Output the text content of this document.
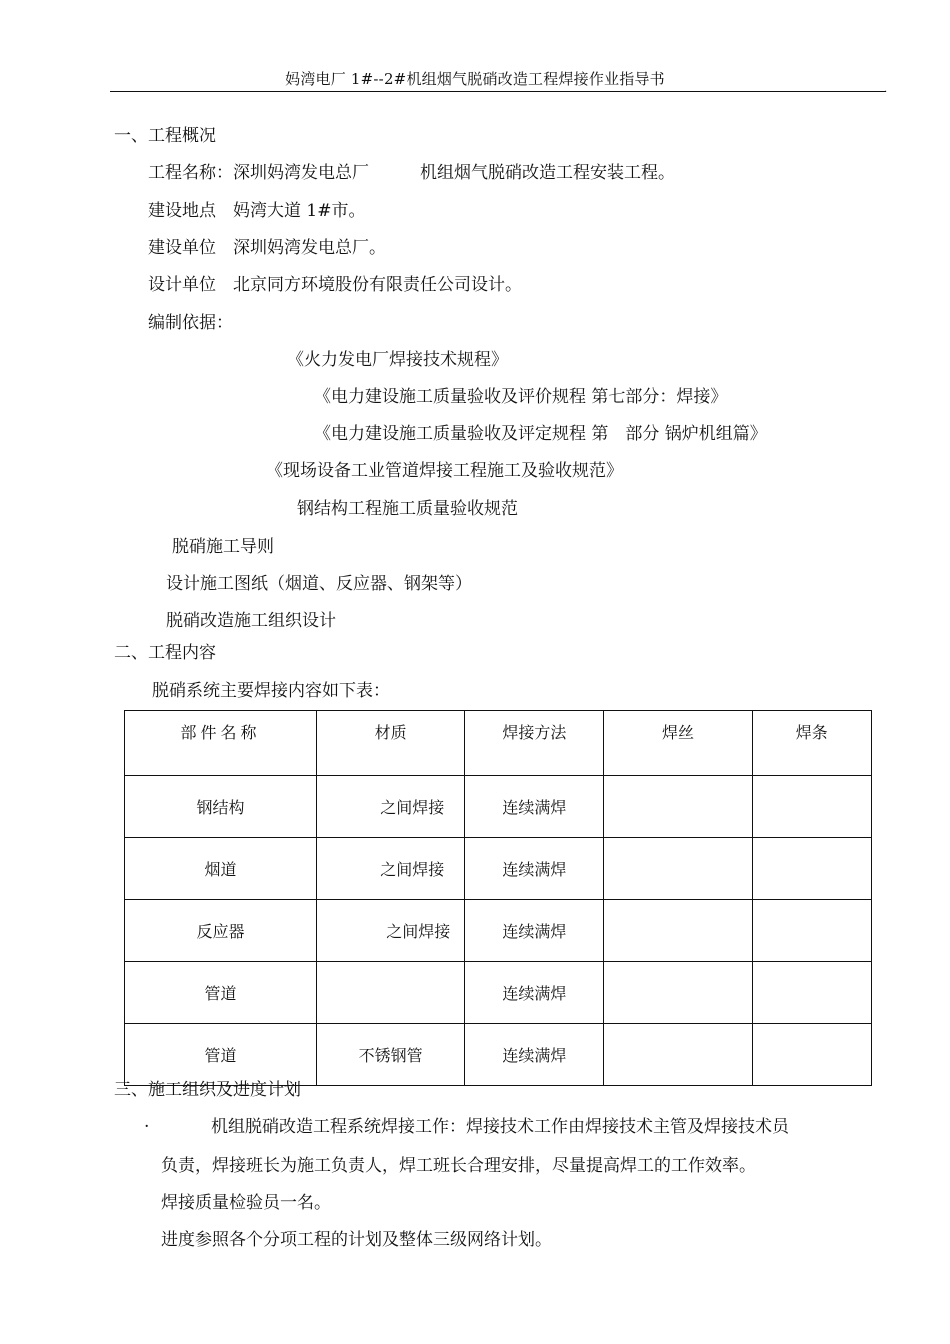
妈湾电厂 1#--2#机组烟气脱硝改造工程焊接作业指导书
.
一、工程概况
工程名称：深圳妈湾发电总厂　　　机组烟气脱硝改造工程安装工程。
建设地点　妈湾大道 1#市。
建设单位　深圳妈湾发电总厂。
设计单位　北京同方环境股份有限责任公司设计。
编制依据：
《火力发电厂焊接技术规程》
《电力建设施工质量验收及评价规程 第七部分：焊接》
《电力建设施工质量验收及评定规程 第　部分 锅炉机组篇》
《现场设备工业管道焊接工程施工及验收规范》
钢结构工程施工质量验收规范
脱硝施工导则
设计施工图纸（烟道、反应器、钢架等）
脱硝改造施工组织设计
二、工程内容
脱硝系统主要焊接内容如下表：
部件名称	材质	焊接方法	焊丝	焊条
钢结构	之间焊接	连续满焊		
烟道	之间焊接	连续满焊		
反应器	之间焊接	连续满焊		
管道		连续满焊		
管道	不锈钢管	连续满焊		
三、施工组织及进度计划
.	机组脱硝改造工程系统焊接工作：焊接技术工作由焊接技术主管及焊接技术员
负责，焊接班长为施工负责人，焊工班长合理安排，尽量提高焊工的工作效率。
焊接质量检验员一名。
进度参照各个分项工程的计划及整体三级网络计划。
